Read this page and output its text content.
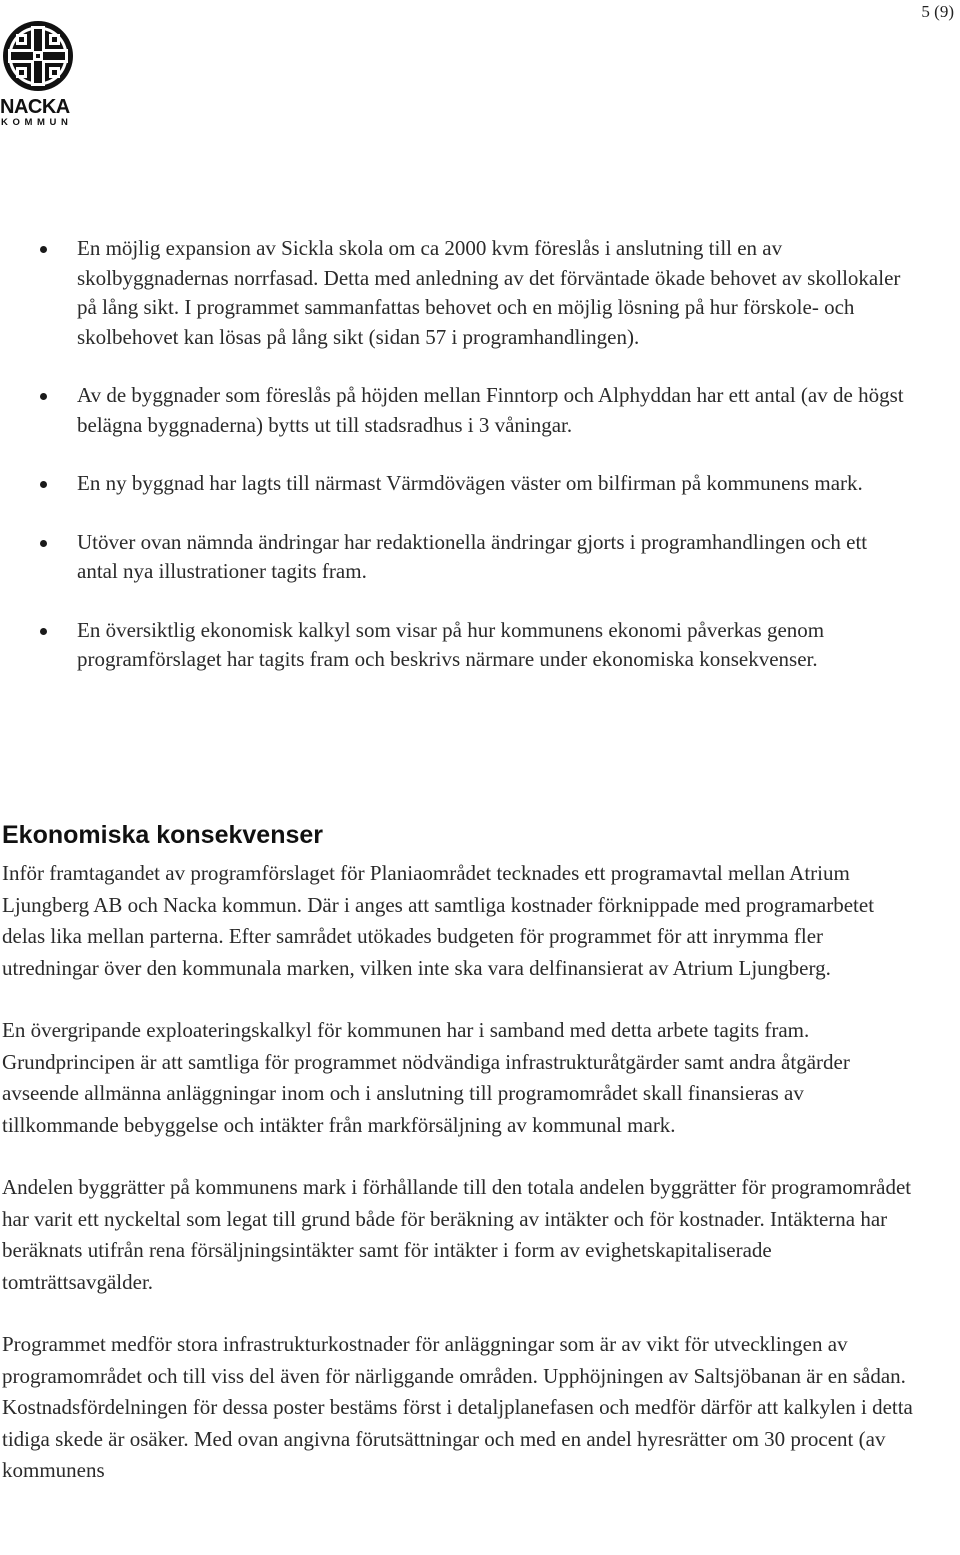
5 (9)
NACKA
KOMMUN
En möjlig expansion av Sickla skola om ca 2000 kvm föreslås i anslutning till en av skolbyggnadernas norrfasad. Detta med anledning av det förväntade ökade behovet av skollokaler på lång sikt. I programmet sammanfattas behovet och en möjlig lösning på hur förskole- och skolbehovet kan lösas på lång sikt (sidan 57 i programhandlingen).
Av de byggnader som föreslås på höjden mellan Finntorp och Alphyddan har ett antal (av de högst belägna byggnaderna) bytts ut till stadsradhus i 3 våningar.
En ny byggnad har lagts till närmast Värmdövägen väster om bilfirman på kommunens mark.
Utöver ovan nämnda ändringar har redaktionella ändringar gjorts i programhandlingen och ett antal nya illustrationer tagits fram.
En översiktlig ekonomisk kalkyl som visar på hur kommunens ekonomi påverkas genom programförslaget har tagits fram och beskrivs närmare under ekonomiska konsekvenser.
Ekonomiska konsekvenser

Inför framtagandet av programförslaget för Planiaområdet tecknades ett programavtal mellan Atrium Ljungberg AB och Nacka kommun. Där i anges att samtliga kostnader förknippade med programarbetet delas lika mellan parterna. Efter samrådet utökades budgeten för programmet för att inrymma fler utredningar över den kommunala marken, vilken inte ska vara delfinansierat av Atrium Ljungberg.

En övergripande exploateringskalkyl för kommunen har i samband med detta arbete tagits fram. Grundprincipen är att samtliga för programmet nödvändiga infrastrukturåtgärder samt andra åtgärder avseende allmänna anläggningar inom och i anslutning till programområdet skall finansieras av tillkommande bebyggelse och intäkter från markförsäljning av kommunal mark.

Andelen byggrätter på kommunens mark i förhållande till den totala andelen byggrätter för programområdet har varit ett nyckeltal som legat till grund både för beräkning av intäkter och för kostnader. Intäkterna har beräknats utifrån rena försäljningsintäkter samt för intäkter i form av evighetskapitaliserade tomträttsavgälder.

Programmet medför stora infrastrukturkostnader för anläggningar som är av vikt för utvecklingen av programområdet och till viss del även för närliggande områden. Upphöjningen av Saltsjöbanan är en sådan. Kostnadsfördelningen för dessa poster bestäms först i detaljplanefasen och medför därför att kalkylen i detta tidiga skede är osäker. Med ovan angivna förutsättningar och med en andel hyresrätter om 30 procent (av kommunens
